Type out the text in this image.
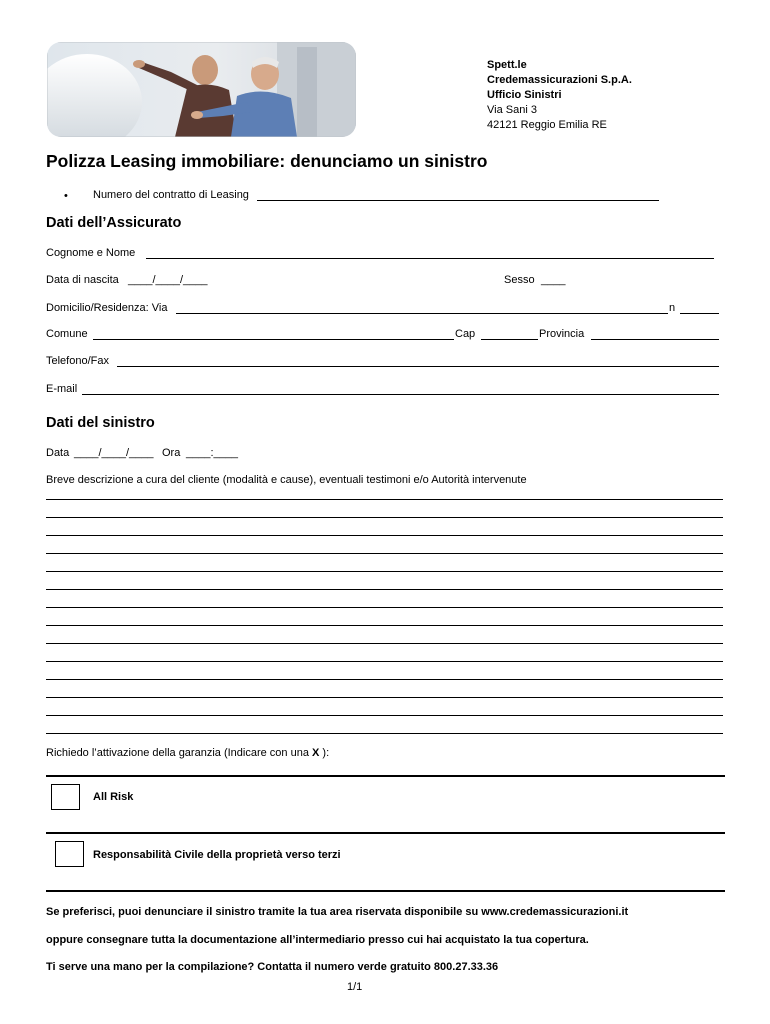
Spett.le
Credemassicurazioni S.p.A.
Ufficio Sinistri
Via Sani 3
42121 Reggio Emilia RE
Polizza Leasing immobiliare: denunciamo un sinistro
• Numero del contratto di Leasing
Dati dell’Assicurato
Cognome e Nome
Data di nascita ____/____/____	Sesso ____
Domicilio/Residenza: Via	n
Comune	Cap	Provincia
Telefono/Fax
E-mail
Dati del sinistro
Data ____/____/____ Ora ____:____
Breve descrizione a cura del cliente (modalità e cause), eventuali testimoni e/o Autorità intervenute
Richiedo l’attivazione della garanzia (Indicare con una X ):
All Risk
Responsabilità Civile della proprietà verso terzi
Se preferisci, puoi denunciare il sinistro tramite la tua area riservata disponibile su www.credemassicurazioni.it
oppure consegnare tutta la documentazione all’intermediario presso cui hai acquistato la tua copertura.
Ti serve una mano per la compilazione? Contatta il numero verde gratuito 800.27.33.36
1/1
